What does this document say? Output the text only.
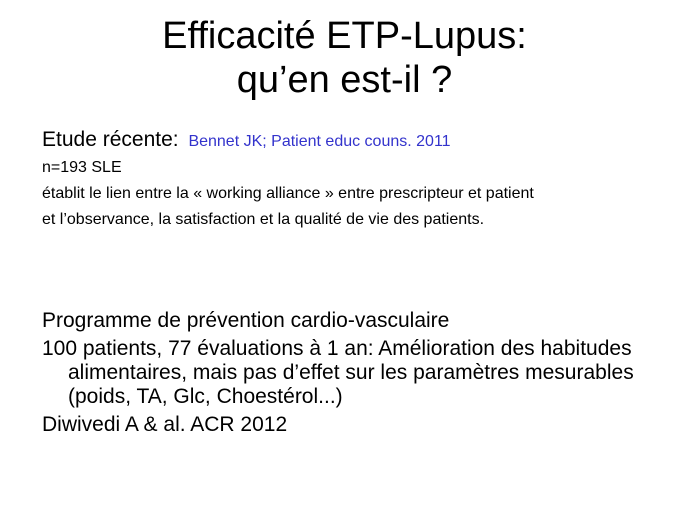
Efficacité ETP-Lupus:
qu’en est-il ?
Etude récente: Bennet JK; Patient educ couns. 2011
n=193 SLE
établit le lien entre la « working alliance » entre prescripteur et patient
et l’observance, la satisfaction et la qualité de vie des patients.

Programme de prévention cardio-vasculaire

100 patients, 77 évaluations à 1 an: Amélioration des habitudes alimentaires, mais pas d’effet sur les paramètres mesurables (poids, TA, Glc, Choestérol...)

Diwivedi A & al. ACR 2012
